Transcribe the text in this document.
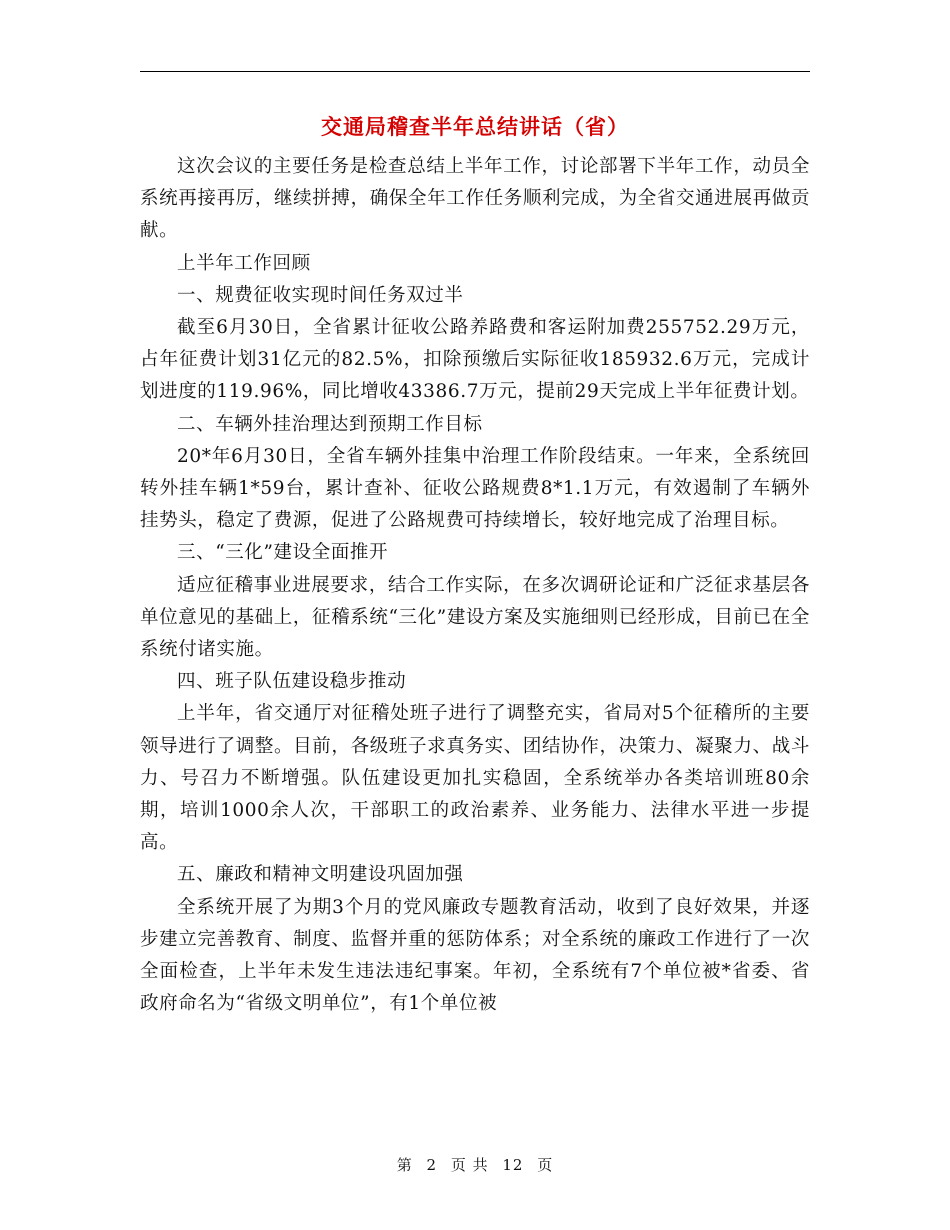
交通局稽查半年总结讲话（省）

这次会议的主要任务是检查总结上半年工作，讨论部署下半年工作，动员全系统再接再厉，继续拼搏，确保全年工作任务顺利完成，为全省交通进展再做贡献。

上半年工作回顾

一、规费征收实现时间任务双过半

截至6月30日，全省累计征收公路养路费和客运附加费255752.29万元，占年征费计划31亿元的82.5%，扣除预缴后实际征收185932.6万元，完成计划进度的119.96%，同比增收43386.7万元，提前29天完成上半年征费计划。

二、车辆外挂治理达到预期工作目标

20*年6月30日，全省车辆外挂集中治理工作阶段结束。一年来，全系统回转外挂车辆1*59台，累计查补、征收公路规费8*1.1万元，有效遏制了车辆外挂势头，稳定了费源，促进了公路规费可持续增长，较好地完成了治理目标。

三、“三化”建设全面推开

适应征稽事业进展要求，结合工作实际，在多次调研论证和广泛征求基层各单位意见的基础上，征稽系统“三化”建设方案及实施细则已经形成，目前已在全系统付诸实施。

四、班子队伍建设稳步推动

上半年，省交通厅对征稽处班子进行了调整充实，省局对5个征稽所的主要领导进行了调整。目前，各级班子求真务实、团结协作，决策力、凝聚力、战斗力、号召力不断增强。队伍建设更加扎实稳固，全系统举办各类培训班80余期，培训1000余人次，干部职工的政治素养、业务能力、法律水平进一步提高。

五、廉政和精神文明建设巩固加强

全系统开展了为期3个月的党风廉政专题教育活动，收到了良好效果，并逐步建立完善教育、制度、监督并重的惩防体系；对全系统的廉政工作进行了一次全面检查，上半年未发生违法违纪事案。年初，全系统有7个单位被*省委、省政府命名为“省级文明单位”，有1个单位被

第 2 页 共 12 页
